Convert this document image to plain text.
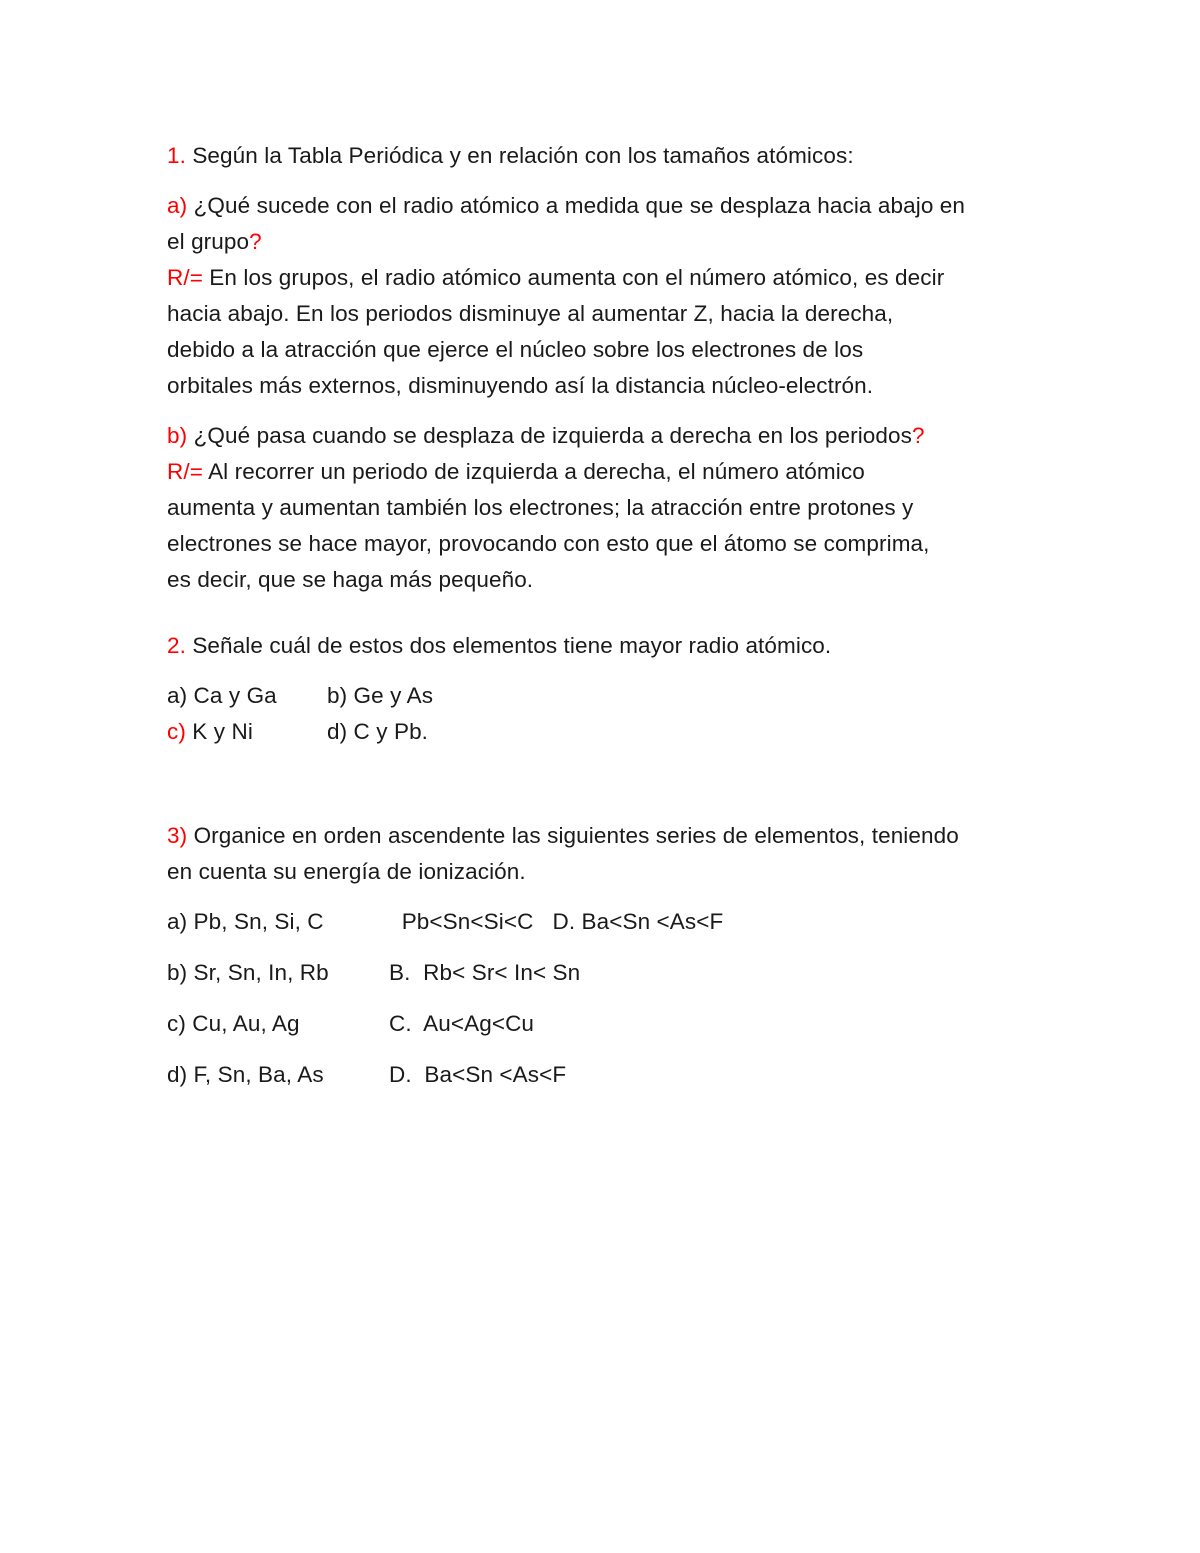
1. Según la Tabla Periódica y en relación con los tamaños atómicos:

a) ¿Qué sucede con el radio atómico a medida que se desplaza hacia abajo en

el grupo?

R/= En los grupos, el radio atómico aumenta con el número atómico, es decir

hacia abajo. En los periodos disminuye al aumentar Z, hacia la derecha,

debido a la atracción que ejerce el núcleo sobre los electrones de los

orbitales más externos, disminuyendo así la distancia núcleo-electrón.

b) ¿Qué pasa cuando se desplaza de izquierda a derecha en los periodos?

R/= Al recorrer un periodo de izquierda a derecha, el número atómico

aumenta y aumentan también los electrones; la atracción entre protones y

electrones se hace mayor, provocando con esto que el átomo se comprima,

es decir, que se haga más pequeño.

2. Señale cuál de estos dos elementos tiene mayor radio atómico.

a) Ca y Ga	b) Ge y As
c) K y Ni	d) C y Pb.

3) Organice en orden ascendente las siguientes series de elementos, teniendo

en cuenta su energía de ionización.

a) Pb, Sn, Si, C	Pb<Sn<Si<C   D. Ba<Sn <As<F
b) Sr, Sn, In, Rb	B.  Rb< Sr< In< Sn
c) Cu, Au, Ag	C.  Au<Ag<Cu
d) F, Sn, Ba, As	D.  Ba<Sn <As<F
